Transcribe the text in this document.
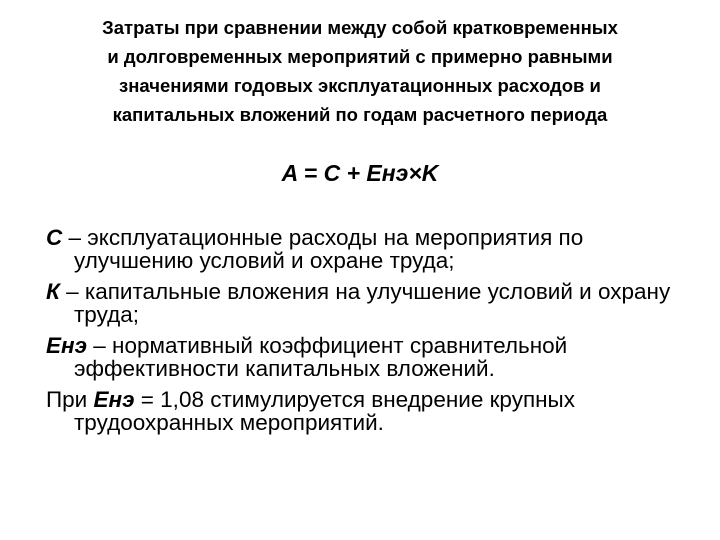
Затраты при сравнении между собой кратковременных
и долговременных мероприятий с примерно равными
значениями годовых эксплуатационных расходов и
капитальных вложений по годам расчетного периода
A = C + Eнэ×K

С – эксплуатационные расходы на мероприятия по улучшению условий и охране труда;

К – капитальные вложения на улучшение условий и охрану труда;

Енэ – нормативный коэффициент сравнительной эффективности капитальных вложений.

При Енэ = 1,08 стимулируется внедрение крупных трудоохранных мероприятий.
